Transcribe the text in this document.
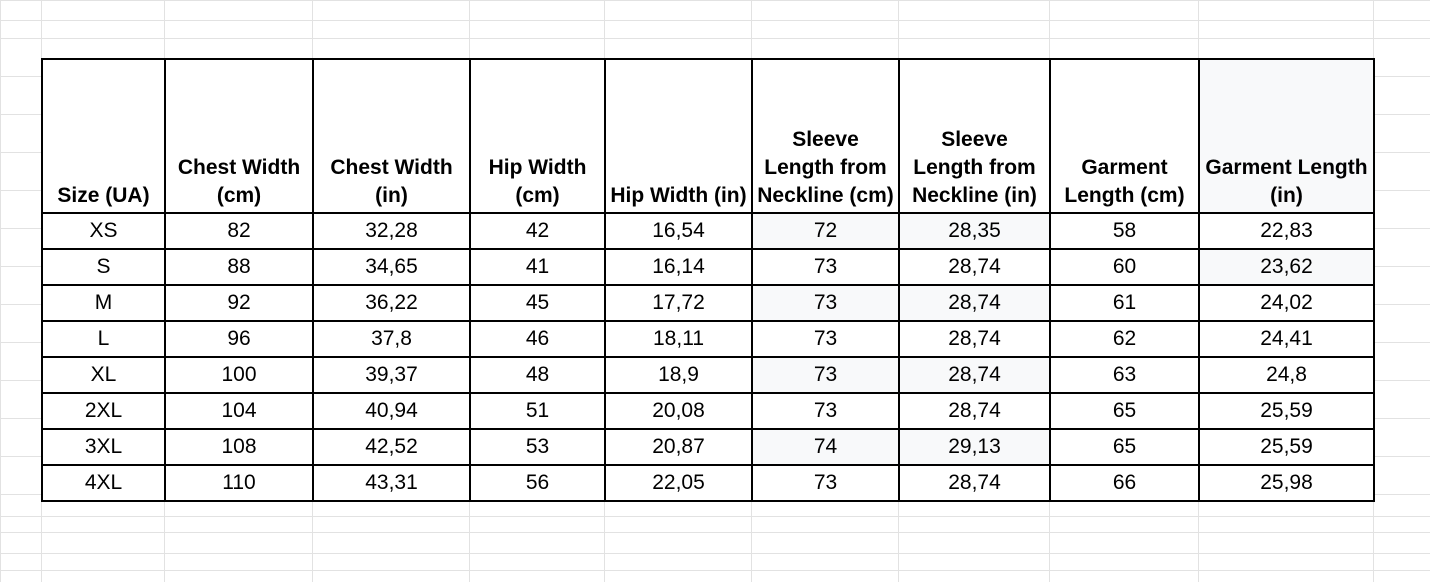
Size (UA)	Chest Width (cm)	Chest Width (in)	Hip Width (cm)	Hip Width (in)	Sleeve Length from Neckline (cm)	Sleeve Length from Neckline (in)	Garment Length (cm)	Garment Length (in)
XS	82	32,28	42	16,54	72	28,35	58	22,83
S	88	34,65	41	16,14	73	28,74	60	23,62
M	92	36,22	45	17,72	73	28,74	61	24,02
L	96	37,8	46	18,11	73	28,74	62	24,41
XL	100	39,37	48	18,9	73	28,74	63	24,8
2XL	104	40,94	51	20,08	73	28,74	65	25,59
3XL	108	42,52	53	20,87	74	29,13	65	25,59
4XL	110	43,31	56	22,05	73	28,74	66	25,98
